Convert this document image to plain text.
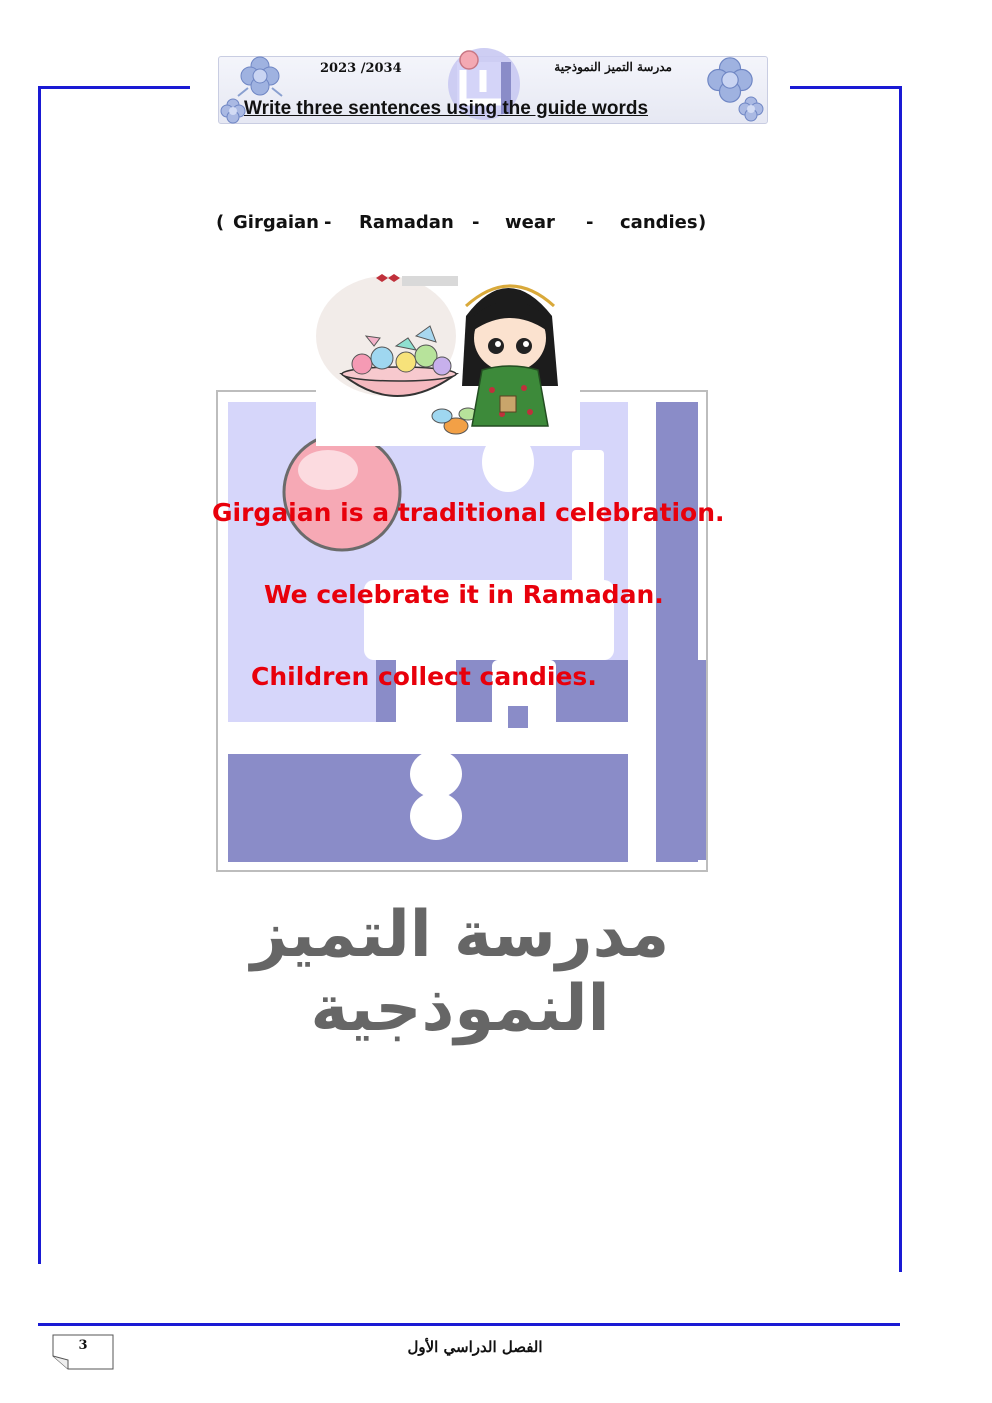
2023 /2034	مدرسة التميز النموذجية
Write three sentences using the guide words
( Girgaian - Ramadan - wear - candies )
Girgaian is a traditional celebration.
We celebrate it in Ramadan.
Children collect candies.
مدرسة التميز النموذجية
3	الفصل الدراسي الأول
